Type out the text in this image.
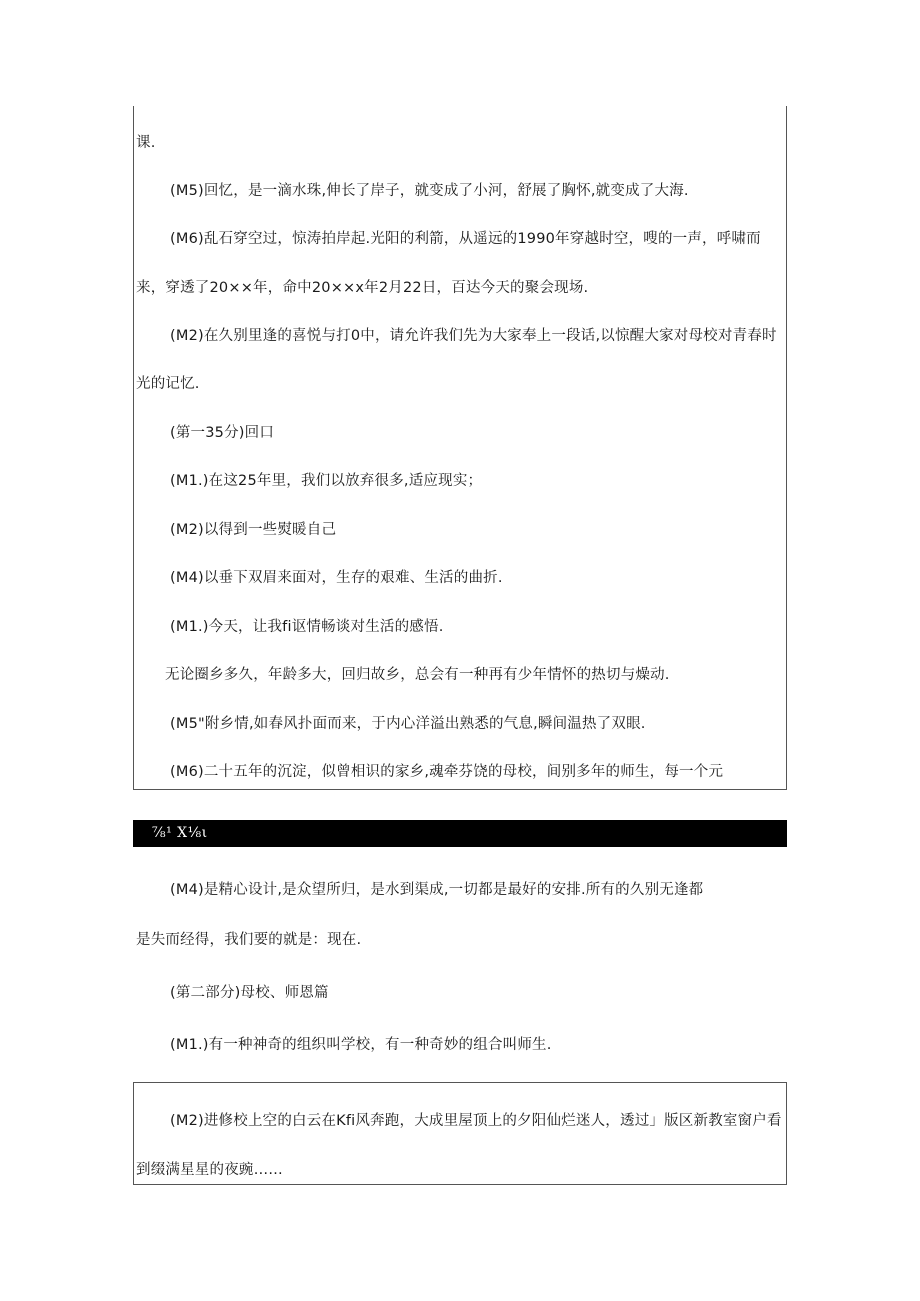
课.
(M5)回忆，是一滴水珠,伸长了岸子，就变成了小河，舒展了胸怀,就变成了大海.
(M6)乱石穿空过，惊涛拍岸起.光阳的利箭，从遥远的1990年穿越时空，嗖的一声，呼啸而
来，穿透了20××年，命中20××x年2月22日，百达今天的聚会现场.
(M2)在久别里逢的喜悦与打0中，请允许我们先为大家奉上一段话,以惊醒大家对母校对青春时
光的记忆.
(第一35分)回口
(M1.)在这25年里，我们以放弃很多,适应现实；
(M2)以得到一些熨暖自己
(M4)以垂下双眉来面对，生存的艰难、生活的曲折.
(M1.)今天，让我fi讴情畅谈对生活的感悟.
无论圈乡多久，年龄多大，回归故乡，总会有一种再有少年情怀的热切与燥动.
(M5"附乡情,如春风扑面而来，于内心洋溢出熟悉的气息,瞬间温热了双眼.
(M6)二十五年的沉淀，似曾相识的家乡,魂牵芬饶的母校，间别多年的师生，每一个元
⅞¹ X⅛ι
(M4)是精心设计,是众望所归，是水到渠成,一切都是最好的安排.所有的久别无逢都
是失而经得，我们要的就是：现在.
(第二部分)母校、师恩篇
(M1.)有一种神奇的组织叫学校，有一种奇妙的组合叫师生.
(M2)进修校上空的白云在Kfi风奔跑，大成里屋顶上的夕阳仙烂迷人，透过」版区新教室窗户看
到缀满星星的夜豌……
